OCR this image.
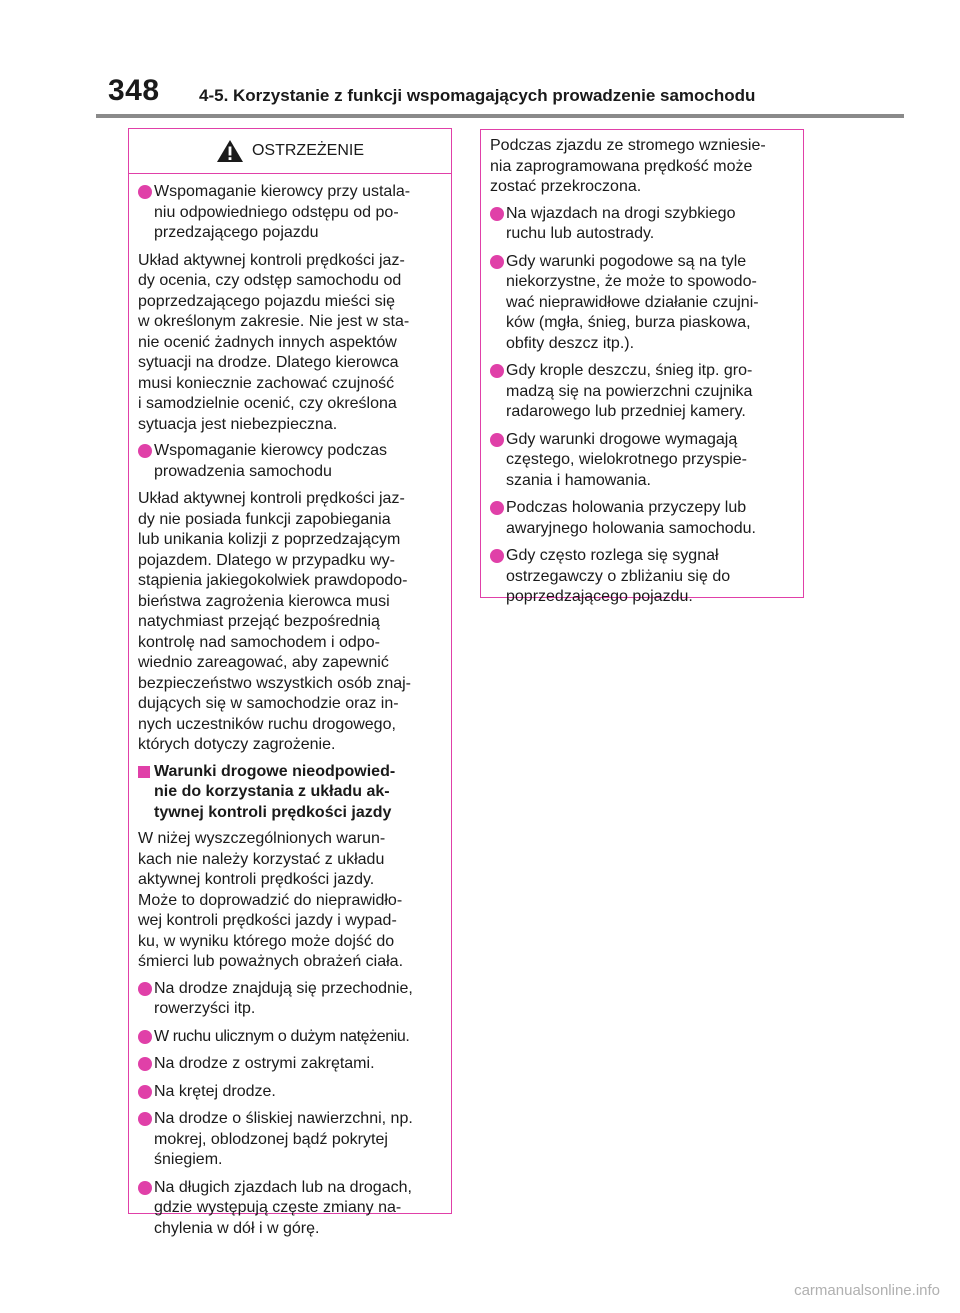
348 4-5. Korzystanie z funkcji wspomagających prowadzenie samochodu
OSTRZEŻENIE
Wspomaganie kierowcy przy ustala-
niu odpowiedniego odstępu od po-
przedzającego pojazdu

Układ aktywnej kontroli prędkości jaz-
dy ocenia, czy odstęp samochodu od
poprzedzającego pojazdu mieści się
w określonym zakresie. Nie jest w sta-
nie ocenić żadnych innych aspektów
sytuacji na drodze. Dlatego kierowca
musi koniecznie zachować czujność
i samodzielnie ocenić, czy określona
sytuacja jest niebezpieczna.

Wspomaganie kierowcy podczas
prowadzenia samochodu

Układ aktywnej kontroli prędkości jaz-
dy nie posiada funkcji zapobiegania
lub unikania kolizji z poprzedzającym
pojazdem. Dlatego w przypadku wy-
stąpienia jakiegokolwiek prawdopodo-
bieństwa zagrożenia kierowca musi
natychmiast przejąć bezpośrednią
kontrolę nad samochodem i odpo-
wiednio zareagować, aby zapewnić
bezpieczeństwo wszystkich osób znaj-
dujących się w samochodzie oraz in-
nych uczestników ruchu drogowego,
których dotyczy zagrożenie.

Warunki drogowe nieodpowied-
nie do korzystania z układu ak-
tywnej kontroli prędkości jazdy

W niżej wyszczególnionych warun-
kach nie należy korzystać z układu
aktywnej kontroli prędkości jazdy.
Może to doprowadzić do nieprawidło-
wej kontroli prędkości jazdy i wypad-
ku, w wyniku którego może dojść do
śmierci lub poważnych obrażeń ciała.

Na drodze znajdują się przechodnie,
rowerzyści itp.
W ruchu ulicznym o dużym natężeniu.
Na drodze z ostrymi zakrętami.
Na krętej drodze.
Na drodze o śliskiej nawierzchni, np.
mokrej, oblodzonej bądź pokrytej
śniegiem.
Na długich zjazdach lub na drogach,
gdzie występują częste zmiany na-
chylenia w dół i w górę.

Podczas zjazdu ze stromego wzniesie-
nia zaprogramowana prędkość może
zostać przekroczona.

Na wjazdach na drogi szybkiego
ruchu lub autostrady.
Gdy warunki pogodowe są na tyle
niekorzystne, że może to spowodo-
wać nieprawidłowe działanie czujni-
ków (mgła, śnieg, burza piaskowa,
obfity deszcz itp.).
Gdy krople deszczu, śnieg itp. gro-
madzą się na powierzchni czujnika
radarowego lub przedniej kamery.
Gdy warunki drogowe wymagają
częstego, wielokrotnego przyspie-
szania i hamowania.
Podczas holowania przyczepy lub
awaryjnego holowania samochodu.
Gdy często rozlega się sygnał
ostrzegawczy o zbliżaniu się do
poprzedzającego pojazdu.
carmanualsonline.info
